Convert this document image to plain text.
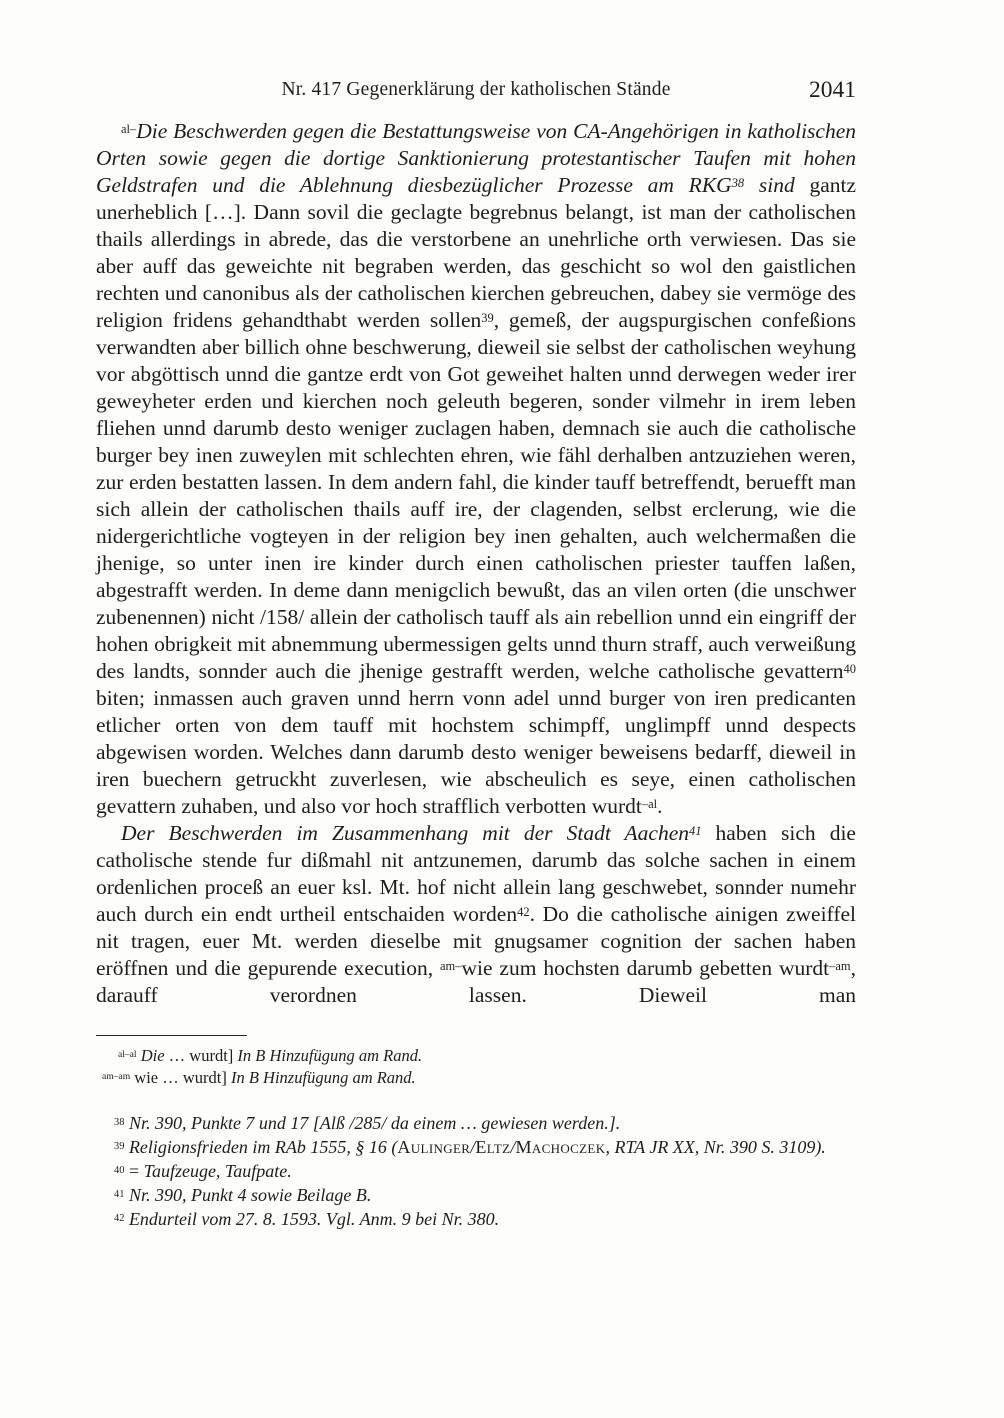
Nr. 417 Gegenerklärung der katholischen Stände	2041

$^{al-}$Die Beschwerden gegen die Bestattungsweise von CA-Angehörigen in katholischen Orten sowie gegen die dortige Sanktionierung protestantischer Taufen mit hohen Geldstrafen und die Ablehnung diesbezüglicher Prozesse am RKG$^{38}$ sind gantz unerheblich […]. Dann sovil die geclagte begrebnus belangt, ist man der catholischen thails allerdings in abrede, das die verstorbene an unehrliche orth verwiesen. Das sie aber auff das geweichte nit begraben werden, das geschicht so wol den gaistlichen rechten und canonibus als der catholischen kierchen gebreuchen, dabey sie vermöge des religion fridens gehandthabt werden sollen$^{39}$, gemeß, der augspurgischen confeßions verwandten aber billich ohne beschwerung, dieweil sie selbst der catholischen weyhung vor abgöttisch unnd die gantze erdt von Got geweihet halten unnd derwegen weder irer geweyheter erden und kierchen noch geleuth begeren, sonder vilmehr in irem leben fliehen unnd darumb desto weniger zuclagen haben, demnach sie auch die catholische burger bey inen zuweylen mit schlechten ehren, wie fähl derhalben antzuziehen weren, zur erden bestatten lassen. In dem andern fahl, die kinder tauff betreffendt, beruefft man sich allein der catholischen thails auff ire, der clagenden, selbst erclerung, wie die nidergerichtliche vogteyen in der religion bey inen gehalten, auch welchermaßen die jhenige, so unter inen ire kinder durch einen catholischen priester tauffen laßen, abgestrafft werden. In deme dann menigclich bewußt, das an vilen orten (die unschwer zubenennen) nicht /158/ allein der catholisch tauff als ain rebellion unnd ein eingriff der hohen obrigkeit mit abnemmung ubermessigen gelts unnd thurn straff, auch verweißung des landts, sonnder auch die jhenige gestrafft werden, welche catholische gevattern$^{40}$ biten; inmassen auch graven unnd herrn vonn adel unnd burger von iren predicanten etlicher orten von dem tauff mit hochstem schimpff, unglimpff unnd despects abgewisen worden. Welches dann darumb desto weniger beweisens bedarff, dieweil in iren buechern getruckht zuverlesen, wie abscheulich es seye, einen catholischen gevattern zuhaben, und also vor hoch strafflich verbotten wurdt$^{-al}$.

Der Beschwerden im Zusammenhang mit der Stadt Aachen$^{41}$ haben sich die catholische stende fur dißmahl nit antzunemen, darumb das solche sachen in einem ordenlichen proceß an euer ksl. Mt. hof nicht allein lang geschwebet, sonnder numehr auch durch ein endt urtheil entschaiden worden$^{42}$. Do die catholische ainigen zweiffel nit tragen, euer Mt. werden dieselbe mit gnugsamer cognition der sachen haben eröffnen und die gepurende execution, $^{am-}$wie zum hochsten darumb gebetten wurdt$^{-am}$, darauff verordnen lassen. Dieweil man

$^{al-al}$ Die … wurdt] In B Hinzufügung am Rand.

$^{am-am}$ wie … wurdt] In B Hinzufügung am Rand.

$^{38}$ Nr. 390, Punkte 7 und 17 [Alß /285/ da einem … gewiesen werden.].

$^{39}$ Religionsfrieden im RAb 1555, § 16 (Aulinger/Eltz/Machoczek, RTA JR XX, Nr. 390 S. 3109).

$^{40}$ = Taufzeuge, Taufpate.

$^{41}$ Nr. 390, Punkt 4 sowie Beilage B.

$^{42}$ Endurteil vom 27. 8. 1593. Vgl. Anm. 9 bei Nr. 380.
